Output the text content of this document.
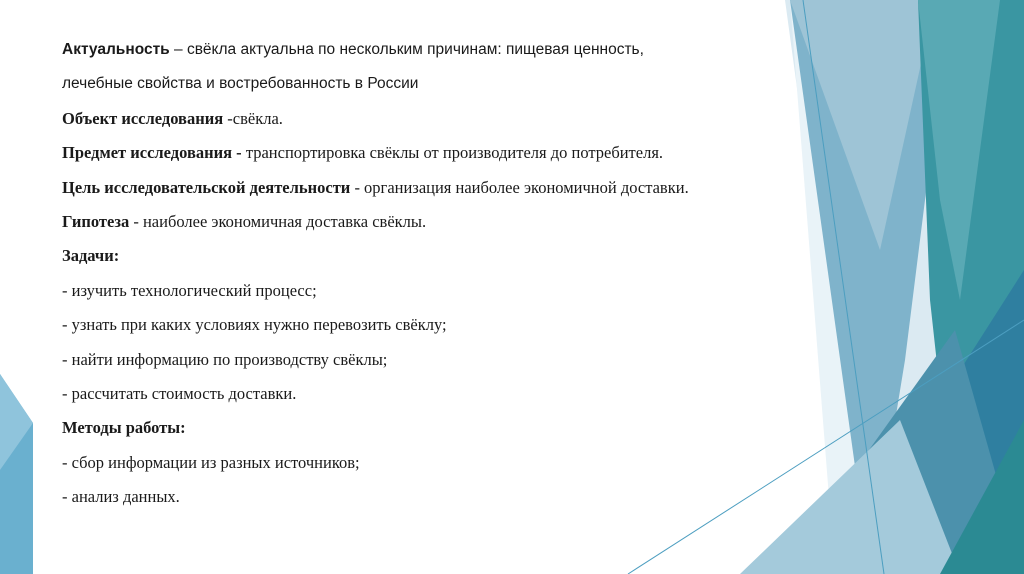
Актуальность – свёкла актуальна по нескольким причинам: пищевая ценность,
лечебные свойства и востребованность в России
Объект исследования -свёкла.
Предмет исследования - транспортировка свёклы от производителя до потребителя.
Цель исследовательской деятельности - организация наиболее экономичной доставки.
Гипотеза - наиболее экономичная доставка свёклы.
Задачи:
- изучить технологический процесс;
- узнать при каких условиях нужно перевозить свёклу;
- найти информацию по производству свёклы;
- рассчитать стоимость доставки.
Методы работы:
- сбор информации из разных источников;
- анализ данных.
